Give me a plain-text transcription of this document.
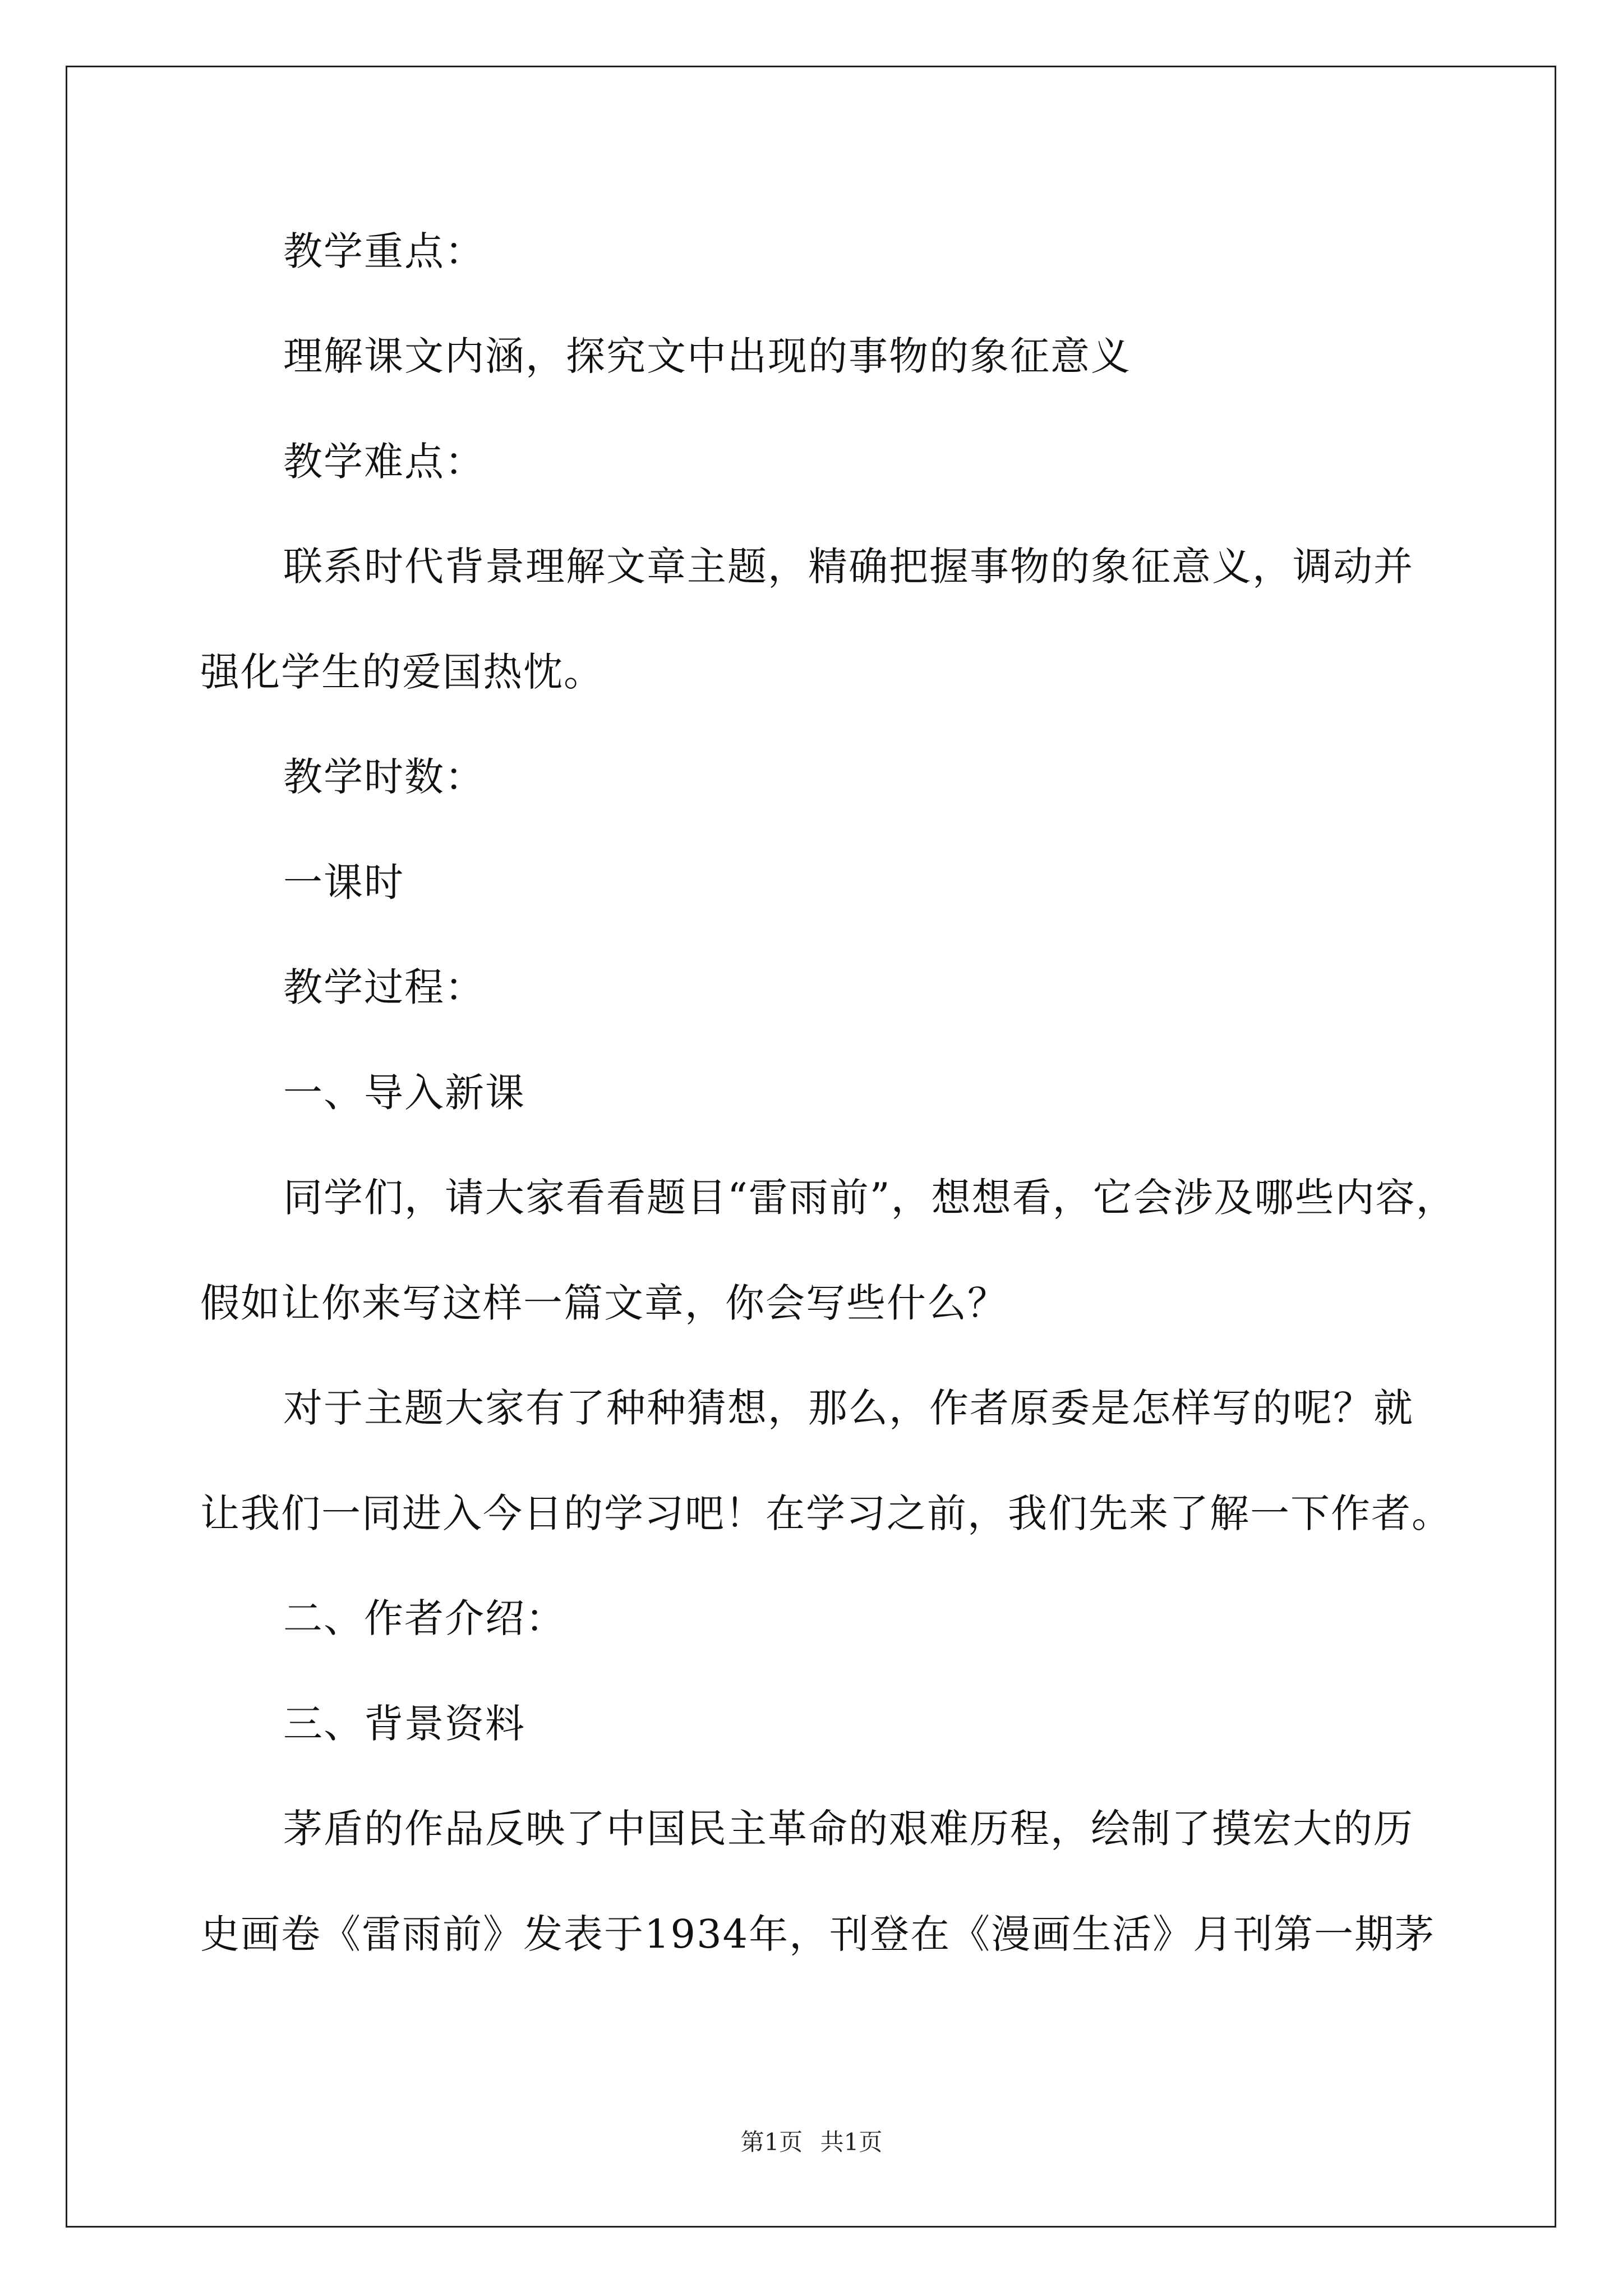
教学重点：

理解课文内涵，探究文中出现的事物的象征意义

教学难点：

联系时代背景理解文章主题，精确把握事物的象征意义，调动并

强化学生的爱国热忱。

教学时数：

一课时

教学过程：

一、导入新课

同学们，请大家看看题目“雷雨前”，想想看，它会涉及哪些内容，

假如让你来写这样一篇文章，你会写些什么？

对于主题大家有了种种猜想，那么，作者原委是怎样写的呢？就

让我们一同进入今日的学习吧！在学习之前，我们先来了解一下作者。

二、作者介绍：

三、背景资料

茅盾的作品反映了中国民主革命的艰难历程，绘制了摸宏大的历

史画卷《雷雨前》发表于1934年，刊登在《漫画生活》月刊第一期茅

第1页 共1页
